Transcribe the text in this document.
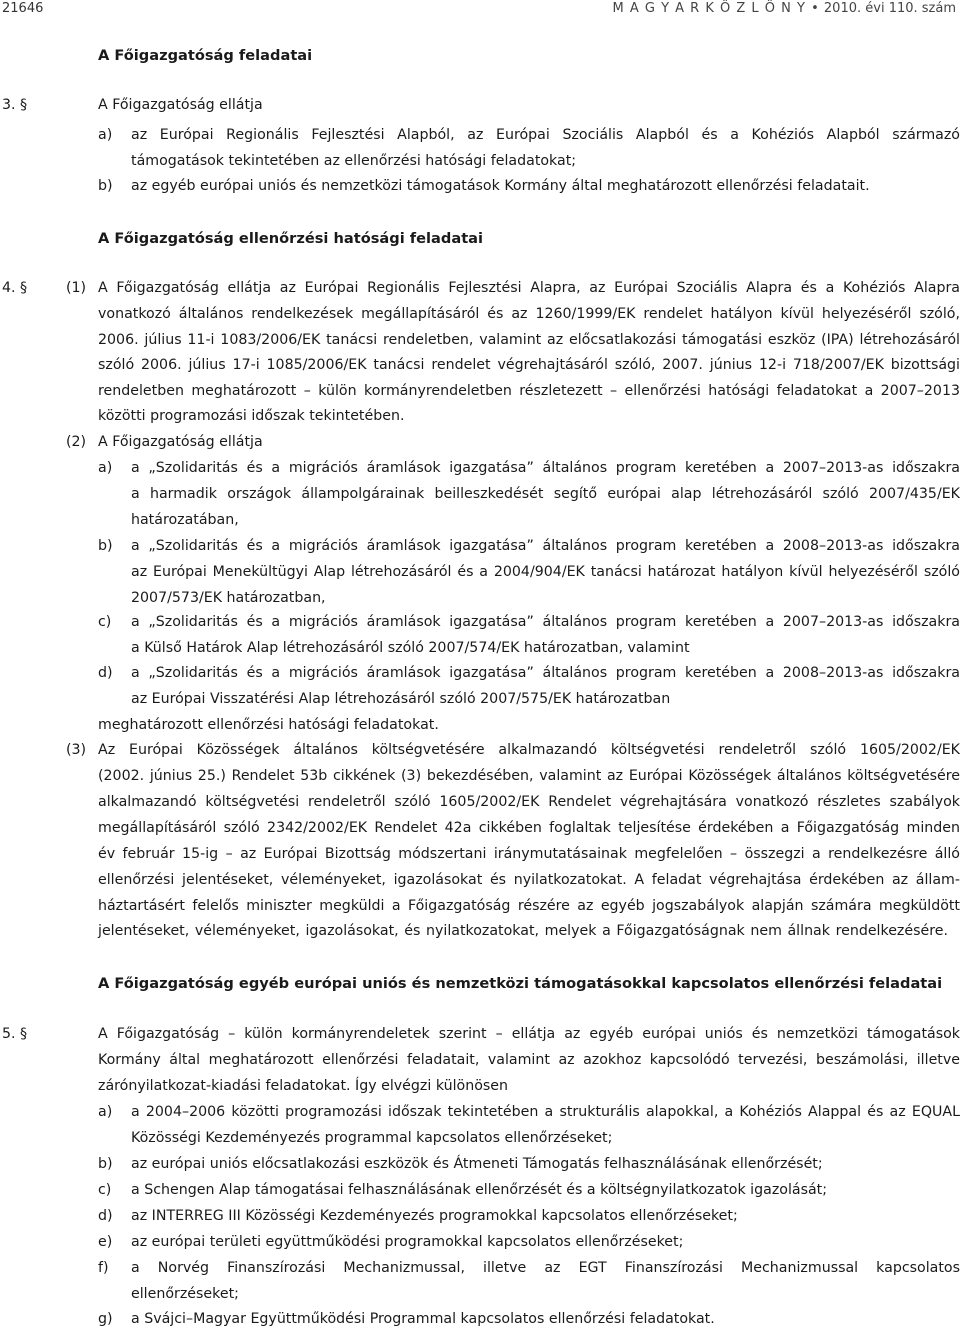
21646	M A G Y A R K Ö Z L Ö N Y • 2010. évi 110. szám
A Főigazgatóság feladatai
3. §	A Főigazgatóság ellátja
a) az Európai Regionális Fejlesztési Alapból, az Európai Szociális Alapból és a Kohéziós Alapból származó
támogatások tekintetében az ellenőrzési hatósági feladatokat;
b) az egyéb európai uniós és nemzetközi támogatások Kormány által meghatározott ellenőrzési feladatait.
A Főigazgatóság ellenőrzési hatósági feladatai
4. §	(1) A Főigazgatóság ellátja az Európai Regionális Fejlesztési Alapra, az Európai Szociális Alapra és a Kohéziós Alapra
vonatkozó általános rendelkezések megállapításáról és az 1260/1999/EK rendelet hatályon kívül helyezéséről szóló,
2006. július 11-i 1083/2006/EK tanácsi rendeletben, valamint az előcsatlakozási támogatási eszköz (IPA) létrehozásáról
szóló 2006. július 17-i 1085/2006/EK tanácsi rendelet végrehajtásáról szóló, 2007. június 12-i 718/2007/EK bizottsági
rendeletben meghatározott – külön kormányrendeletben részletezett – ellenőrzési hatósági feladatokat a 2007–2013
közötti programozási időszak tekintetében.
(2) A Főigazgatóság ellátja
a) a „Szolidaritás és a migrációs áramlások igazgatása” általános program keretében a 2007–2013-as időszakra
a harmadik országok állampolgárainak beilleszkedését segítő európai alap létrehozásáról szóló 2007/435/EK
határozatában,
b) a „Szolidaritás és a migrációs áramlások igazgatása” általános program keretében a 2008–2013-as időszakra
az Európai Menekültügyi Alap létrehozásáról és a 2004/904/EK tanácsi határozat hatályon kívül helyezéséről szóló
2007/573/EK határozatban,
c) a „Szolidaritás és a migrációs áramlások igazgatása” általános program keretében a 2007–2013-as időszakra
a Külső Határok Alap létrehozásáról szóló 2007/574/EK határozatban, valamint
d) a „Szolidaritás és a migrációs áramlások igazgatása” általános program keretében a 2008–2013-as időszakra
az Európai Visszatérési Alap létrehozásáról szóló 2007/575/EK határozatban
meghatározott ellenőrzési hatósági feladatokat.
(3) Az Európai Közösségek általános költségvetésére alkalmazandó költségvetési rendeletről szóló 1605/2002/EK
(2002. június 25.) Rendelet 53b cikkének (3) bekezdésében, valamint az Európai Közösségek általános költségvetésére
alkalmazandó költségvetési rendeletről szóló 1605/2002/EK Rendelet végrehajtására vonatkozó részletes szabályok
megállapításáról szóló 2342/2002/EK Rendelet 42a cikkében foglaltak teljesítése érdekében a Főigazgatóság minden
év február 15-ig – az Európai Bizottság módszertani iránymutatásainak megfelelően – összegzi a rendelkezésre álló
ellenőrzési jelentéseket, véleményeket, igazolásokat és nyilatkozatokat. A feladat végrehajtása érdekében az állam-
háztartásért felelős miniszter megküldi a Főigazgatóság részére az egyéb jogszabályok alapján számára megküldött
jelentéseket, véleményeket, igazolásokat, és nyilatkozatokat, melyek a Főigazgatóságnak nem állnak rendelkezésére.
A Főigazgatóság egyéb európai uniós és nemzetközi támogatásokkal kapcsolatos ellenőrzési feladatai
5. §	A Főigazgatóság – külön kormányrendeletek szerint – ellátja az egyéb európai uniós és nemzetközi támogatások
Kormány által meghatározott ellenőrzési feladatait, valamint az azokhoz kapcsolódó tervezési, beszámolási, illetve
zárónyilatkozat-kiadási feladatokat. Így elvégzi különösen
a) a 2004–2006 közötti programozási időszak tekintetében a strukturális alapokkal, a Kohéziós Alappal és az EQUAL
Közösségi Kezdeményezés programmal kapcsolatos ellenőrzéseket;
b) az európai uniós előcsatlakozási eszközök és Átmeneti Támogatás felhasználásának ellenőrzését;
c) a Schengen Alap támogatásai felhasználásának ellenőrzését és a költségnyilatkozatok igazolását;
d) az INTERREG III Közösségi Kezdeményezés programokkal kapcsolatos ellenőrzéseket;
e) az európai területi együttműködési programokkal kapcsolatos ellenőrzéseket;
f) a Norvég Finanszírozási Mechanizmussal, illetve az EGT Finanszírozási Mechanizmussal kapcsolatos
ellenőrzéseket;
g) a Svájci–Magyar Együttműködési Programmal kapcsolatos ellenőrzési feladatokat.
